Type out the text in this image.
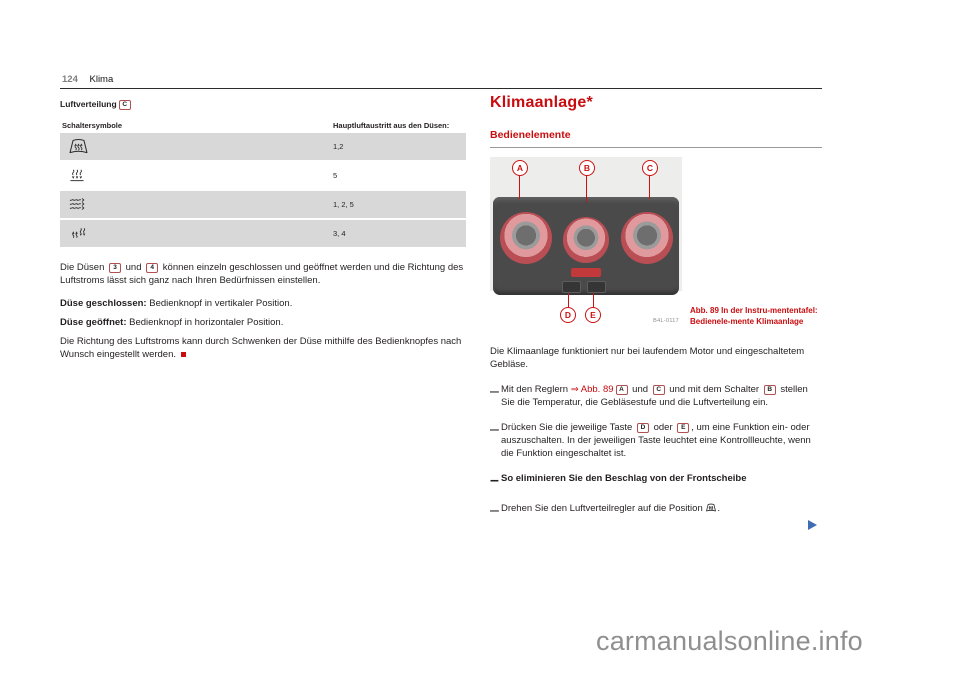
124 Klima
Luftverteilung C
Schaltersymbole	Hauptluftaustritt aus den Düsen:
1,2
5
1, 2, 5
3, 4

Die Düsen 3 und 4 können einzeln geschlossen und geöffnet werden und die Richtung des Luftstroms lässt sich ganz nach Ihren Bedürfnissen einstellen.

Düse geschlossen: Bedienknopf in vertikaler Position.

Düse geöffnet: Bedienknopf in horizontaler Position.

Die Richtung des Luftstroms kann durch Schwenken der Düse mithilfe des Bedienknopfes nach Wunsch eingestellt werden.

Klimaanlage*
Bedienelemente
A	B	C
D	E
B4L-0117
Abb. 89 In der Instru-mententafel: Bedienele-mente Klimaanlage

Die Klimaanlage funktioniert nur bei laufendem Motor und eingeschaltetem Gebläse.

– Mit den Reglern ⇒ Abb. 89 A und C und mit dem Schalter B stellen Sie die Temperatur, die Gebläsestufe und die Luftverteilung ein.
– Drücken Sie die jeweilige Taste D oder E , um eine Funktion ein- oder auszuschalten. In der jeweiligen Taste leuchtet eine Kontrollleuchte, wenn die Funktion eingeschaltet ist.
– So eliminieren Sie den Beschlag von der Frontscheibe
– Drehen Sie den Luftverteilregler auf die Position .
carmanualsonline.info
